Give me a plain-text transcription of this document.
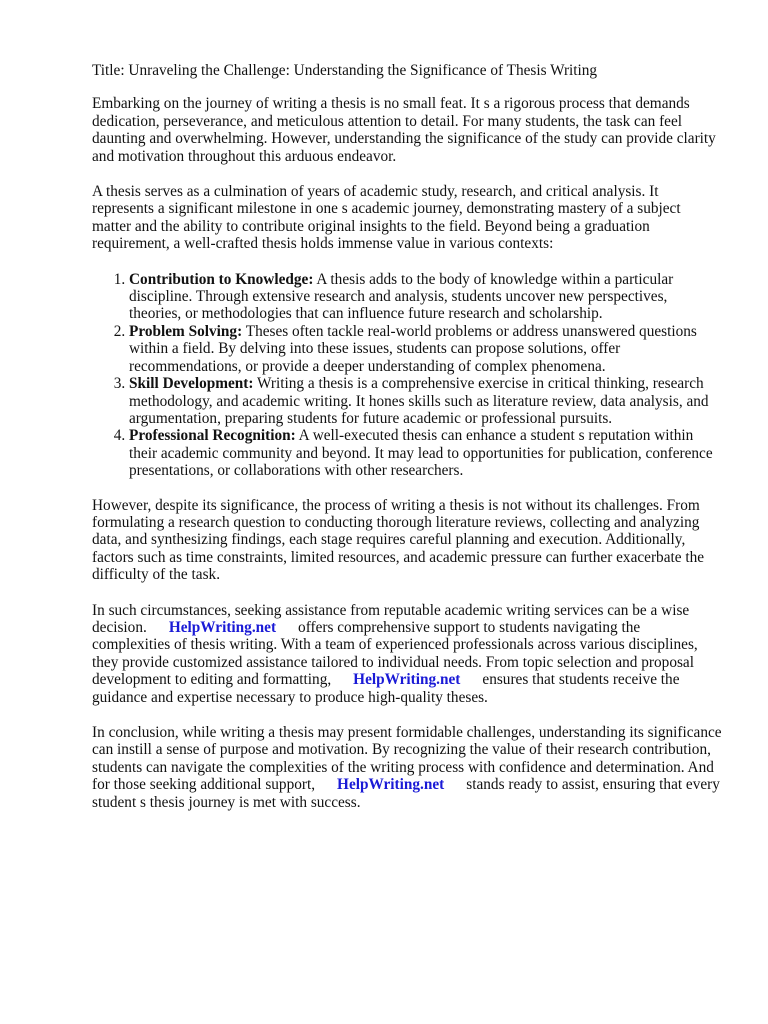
Title: Unraveling the Challenge: Understanding the Significance of Thesis Writing

Embarking on the journey of writing a thesis is no small feat. It s a rigorous process that demands dedication, perseverance, and meticulous attention to detail. For many students, the task can feel daunting and overwhelming. However, understanding the significance of the study can provide clarity and motivation throughout this arduous endeavor.

A thesis serves as a culmination of years of academic study, research, and critical analysis. It represents a significant milestone in one s academic journey, demonstrating mastery of a subject matter and the ability to contribute original insights to the field. Beyond being a graduation requirement, a well-crafted thesis holds immense value in various contexts:

1. Contribution to Knowledge: A thesis adds to the body of knowledge within a particular discipline. Through extensive research and analysis, students uncover new perspectives, theories, or methodologies that can influence future research and scholarship.
2. Problem Solving: Theses often tackle real-world problems or address unanswered questions within a field. By delving into these issues, students can propose solutions, offer recommendations, or provide a deeper understanding of complex phenomena.
3. Skill Development: Writing a thesis is a comprehensive exercise in critical thinking, research methodology, and academic writing. It hones skills such as literature review, data analysis, and argumentation, preparing students for future academic or professional pursuits.
4. Professional Recognition: A well-executed thesis can enhance a student s reputation within their academic community and beyond. It may lead to opportunities for publication, conference presentations, or collaborations with other researchers.

However, despite its significance, the process of writing a thesis is not without its challenges. From formulating a research question to conducting thorough literature reviews, collecting and analyzing data, and synthesizing findings, each stage requires careful planning and execution. Additionally, factors such as time constraints, limited resources, and academic pressure can further exacerbate the difficulty of the task.

In such circumstances, seeking assistance from reputable academic writing services can be a wise decision. HelpWriting.net offers comprehensive support to students navigating the complexities of thesis writing. With a team of experienced professionals across various disciplines, they provide customized assistance tailored to individual needs. From topic selection and proposal development to editing and formatting, HelpWriting.net ensures that students receive the guidance and expertise necessary to produce high-quality theses.

In conclusion, while writing a thesis may present formidable challenges, understanding its significance can instill a sense of purpose and motivation. By recognizing the value of their research contribution, students can navigate the complexities of the writing process with confidence and determination. And for those seeking additional support, HelpWriting.net stands ready to assist, ensuring that every student s thesis journey is met with success.
